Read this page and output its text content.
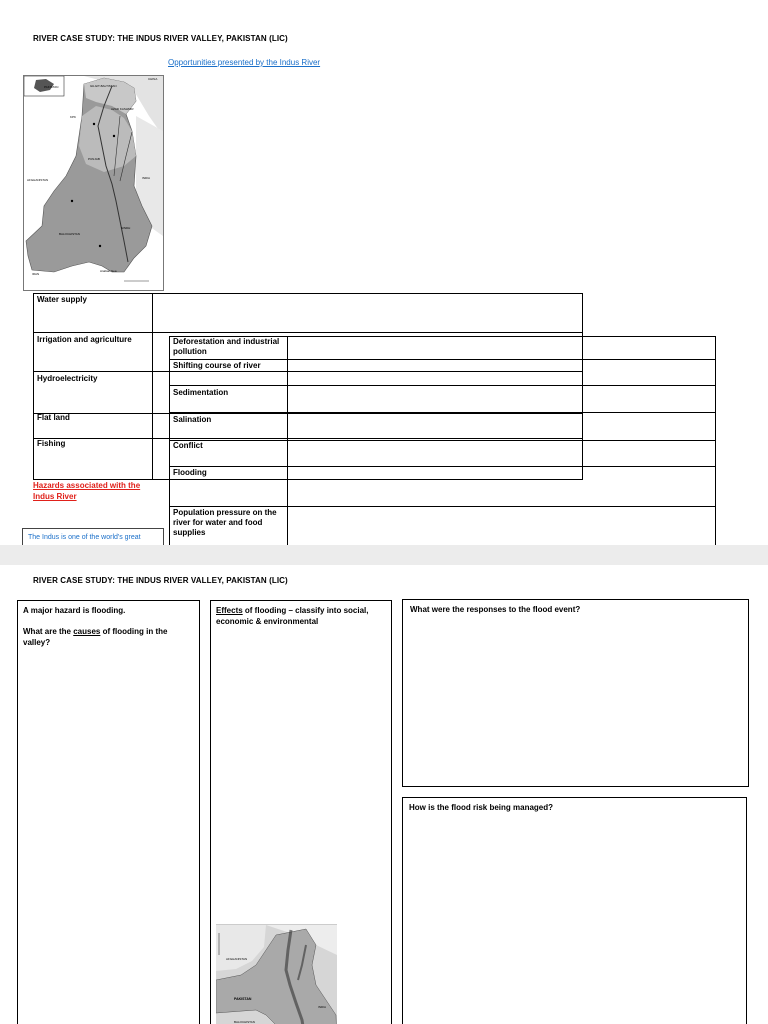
RIVER CASE STUDY: THE INDUS RIVER VALLEY, PAKISTAN (LIC)
Opportunities presented by the Indus River
CHINA
PAKISTAN	GILGIT-BALTISTAN
AZAD KASHMIR
KPK
PUNJAB
AFGHANISTAN	INDIA
BALOCHISTAN
SINDH
IRAN
Arabian Sea
Water supply
Irrigation and agriculture
Hydroelectricity
Flat land
Fishing
Deforestation and industrial pollution
Shifting course of river
Sedimentation
Salination
Conflict
Flooding
Population pressure on the river for water and food supplies
Hazards associated with the Indus River
The Indus is one of the world's great
RIVER CASE STUDY: THE INDUS RIVER VALLEY, PAKISTAN (LIC)
A major hazard is flooding.
What are the causes of flooding in the valley?
Effects of flooding – classify into social, economic & environmental
AFGHANISTAN
PAKISTAN
INDIA
BALOCHISTAN
What were the responses to the flood event?
How is the flood risk being managed?
